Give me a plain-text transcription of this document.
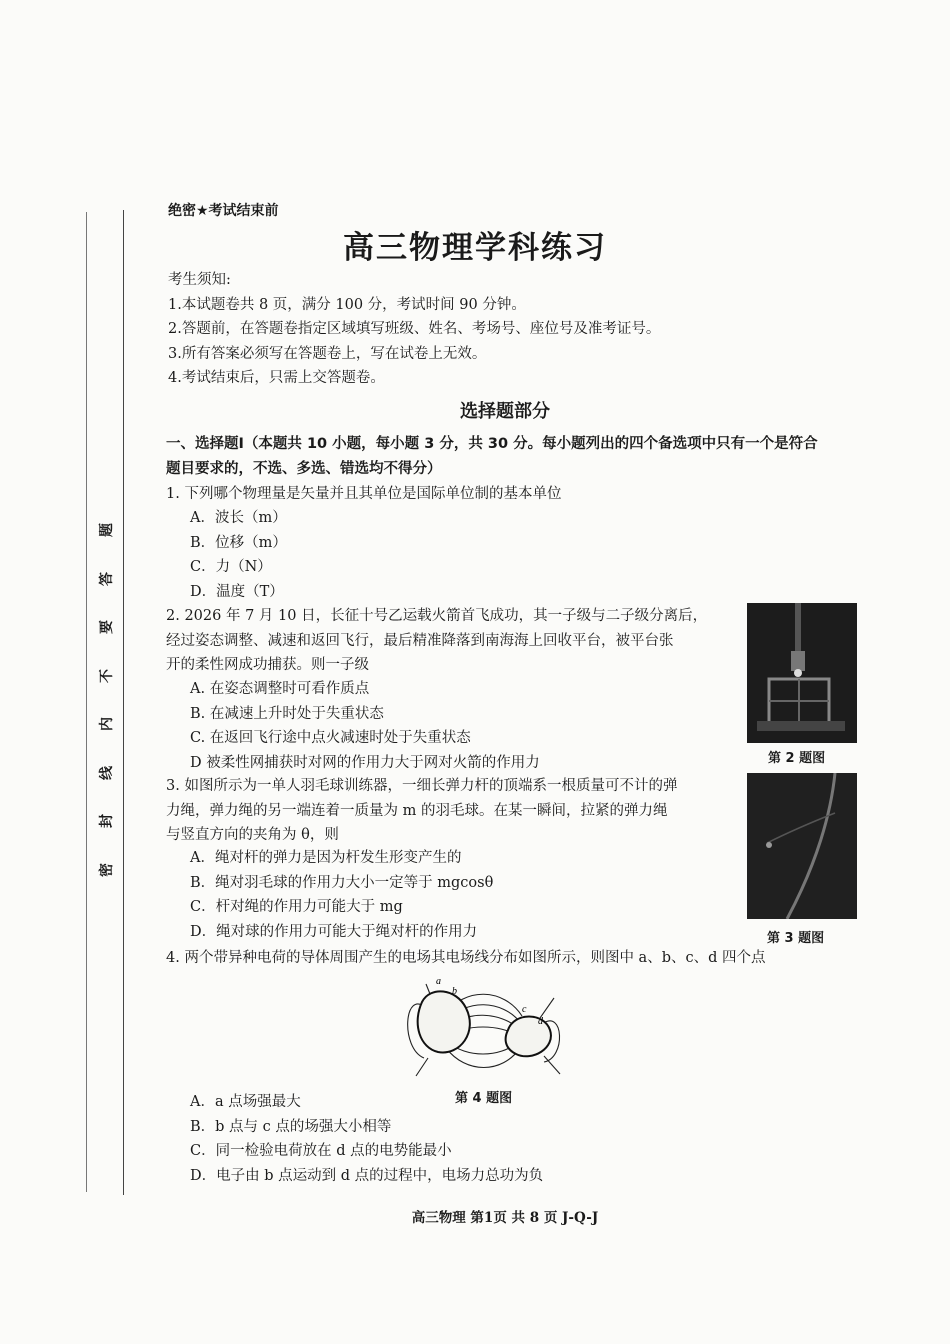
题
答
要
不
内
线
封
密
绝密★考试结束前
高三物理学科练习
考生须知:
1.本试题卷共 8 页，满分 100 分，考试时间 90 分钟。
2.答题前，在答题卷指定区域填写班级、姓名、考场号、座位号及准考证号。
3.所有答案必须写在答题卷上，写在试卷上无效。
4.考试结束后，只需上交答题卷。
选择题部分
一、选择题Ⅰ（本题共 10 小题，每小题 3 分，共 30 分。每小题列出的四个备选项中只有一个是符合
题目要求的，不选、多选、错选均不得分）
1. 下列哪个物理量是矢量并且其单位是国际单位制的基本单位
A．波长（m）
B．位移（m）
C．力（N）
D．温度（T）
2. 2026 年 7 月 10 日，长征十号乙运载火箭首飞成功，其一子级与二子级分离后，
经过姿态调整、减速和返回飞行，最后精准降落到南海海上回收平台，被平台张
开的柔性网成功捕获。则一子级
A. 在姿态调整时可看作质点
B. 在减速上升时处于失重状态
C. 在返回飞行途中点火减速时处于失重状态
D 被柔性网捕获时对网的作用力大于网对火箭的作用力	第 2 题图
3. 如图所示为一单人羽毛球训练器，一细长弹力杆的顶端系一根质量可不计的弹
力绳，弹力绳的另一端连着一质量为 m 的羽毛球。在某一瞬间，拉紧的弹力绳
与竖直方向的夹角为 θ，则
A．绳对杆的弹力是因为杆发生形变产生的
B．绳对羽毛球的作用力大小一定等于 mgcosθ
C．杆对绳的作用力可能大于 mg
D．绳对球的作用力可能大于绳对杆的作用力	第 3 题图
4. 两个带异种电荷的导体周围产生的电场其电场线分布如图所示，则图中 a、b、c、d 四个点
b
a
c
d
第 4 题图
A．a 点场强最大
B．b 点与 c 点的场强大小相等
C．同一检验电荷放在 d 点的电势能最小
D．电子由 b 点运动到 d 点的过程中，电场力总功为负
高三物理 第1页 共 8 页 J-Q-J
